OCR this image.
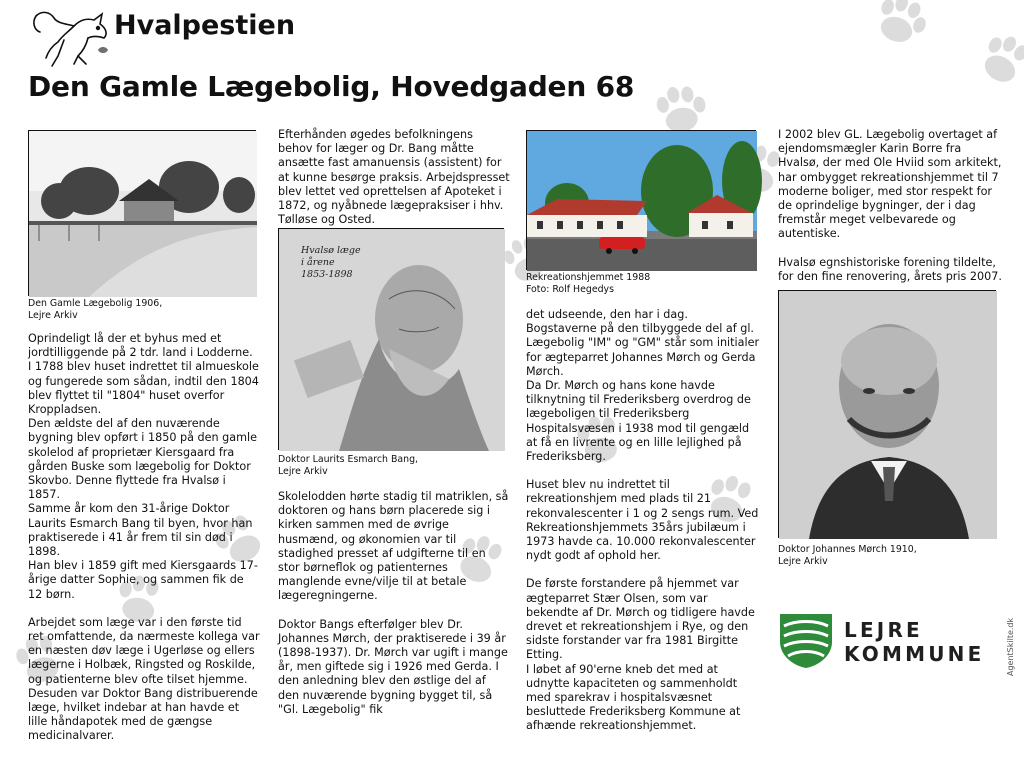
Hvalpestien
Den Gamle Lægebolig, Hovedgaden 68
Den Gamle Lægebolig 1906,
Lejre Arkiv

Oprindeligt lå der et byhus med et jordtilliggende på 2 tdr. land i Lodderne.
I 1788 blev huset indrettet til almueskole og fungerede som sådan, indtil den 1804 blev flyttet til "1804" huset overfor Kroppladsen.
Den ældste del af den nuværende bygning blev opført i 1850 på den gamle skolelod af proprietær Kiersgaard fra gården Buske som lægebolig for Doktor Skovbo. Denne flyttede fra Hvalsø i 1857.
Samme år kom den 31-årige Doktor Laurits Esmarch Bang til byen, hvor han praktiserede i 41 år frem til sin død i 1898.
Han blev i 1859 gift med Kiersgaards 17-årige datter Sophie, og sammen fik de 12 børn.

Arbejdet som læge var i den første tid ret omfattende, da nærmeste kollega var en næsten døv læge i Ugerløse og ellers lægerne i Holbæk, Ringsted og Roskilde, og patienterne blev ofte tilset hjemme. Desuden var Doktor Bang distribuerende læge, hvilket indebar at han havde et lille håndapotek med de gængse medicinalvarer.

Efterhånden øgedes befolkningens behov for læger og Dr. Bang måtte ansætte fast amanuensis (assistent) for at kunne besørge praksis. Arbejdspresset blev lettet ved oprettelsen af Apoteket i 1872, og nyåbnede lægepraksiser i hhv. Tølløse og Osted.

Hvalsø læge
i årene
1853-1898
Doktor Laurits Esmarch Bang,
Lejre Arkiv

Skolelodden hørte stadig til matriklen, så doktoren og hans børn placerede sig i kirken sammen med de øvrige husmænd, og økonomien var til stadighed presset af udgifterne til en stor børneflok og patienternes manglende evne/vilje til at betale lægeregningerne.

Doktor Bangs efterfølger blev Dr. Johannes Mørch, der praktiserede i 39 år (1898-1937). Dr. Mørch var ugift i mange år, men giftede sig i 1926 med Gerda. I den anledning blev den østlige del af den nuværende bygning bygget til, så "Gl. Lægebolig" fik

Rekreationshjemmet 1988
Foto: Rolf Hegedys

det udseende, den har i dag. Bogstaverne på den tilbyggede del af gl. Lægebolig "IM" og "GM" står som initialer for ægteparret Johannes Mørch og Gerda Mørch.
Da Dr. Mørch og hans kone havde tilknytning til Frederiksberg overdrog de lægeboligen til Frederiksberg Hospitalsvæsen i 1938 mod til gengæld at få en livrente og en lille lejlighed på Frederiksberg.

Huset blev nu indrettet til rekreationshjem med plads til 21 rekonvalescenter i 1 og 2 sengs rum. Ved Rekreationshjemmets 35års jubilæum i 1973 havde ca. 10.000 rekonvalescenter nydt godt af ophold her.

De første forstandere på hjemmet var ægteparret Stær Olsen, som var bekendte af Dr. Mørch og tidligere havde drevet et rekreationshjem i Rye, og den sidste forstander var fra 1981 Birgitte Etting.
I løbet af 90'erne kneb det med at udnytte kapaciteten og sammenholdt med sparekrav i hospitalsvæsnet besluttede Frederiksberg Kommune at afhænde rekreationshjemmet.

I 2002 blev GL. Lægebolig overtaget af ejendomsmægler Karin Borre fra Hvalsø, der med Ole Hviid som arkitekt, har ombygget rekreationshjemmet til 7 moderne boliger, med stor respekt for de oprindelige bygninger, der i dag fremstår meget velbevarede og autentiske.

Hvalsø egnshistoriske forening tildelte, for den fine renovering, årets pris 2007.

Doktor Johannes Mørch 1910,
Lejre Arkiv
LEJRE
KOMMUNE	AgentSkilte.dk
